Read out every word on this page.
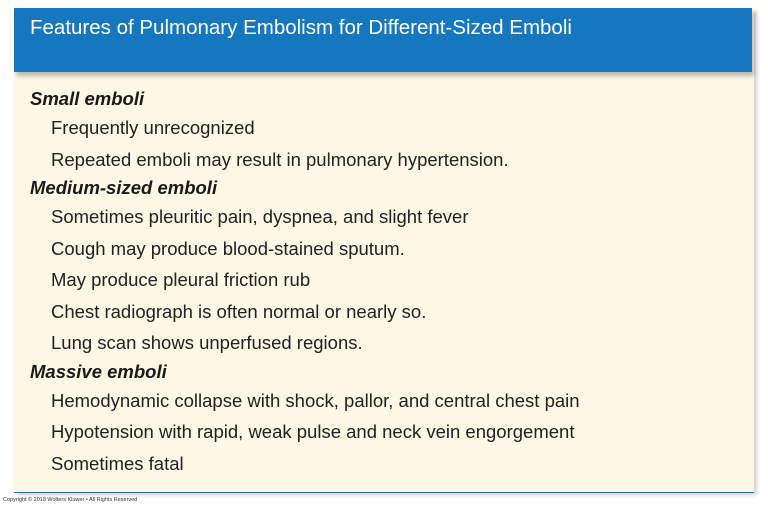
Features of Pulmonary Embolism for Different-Sized Emboli
Small emboli
Frequently unrecognized
Repeated emboli may result in pulmonary hypertension.
Medium-sized emboli
Sometimes pleuritic pain, dyspnea, and slight fever
Cough may produce blood-stained sputum.
May produce pleural friction rub
Chest radiograph is often normal or nearly so.
Lung scan shows unperfused regions.
Massive emboli
Hemodynamic collapse with shock, pallor, and central chest pain
Hypotension with rapid, weak pulse and neck vein engorgement
Sometimes fatal
Copyright © 2018 Wolters Kluwer • All Rights Reserved
